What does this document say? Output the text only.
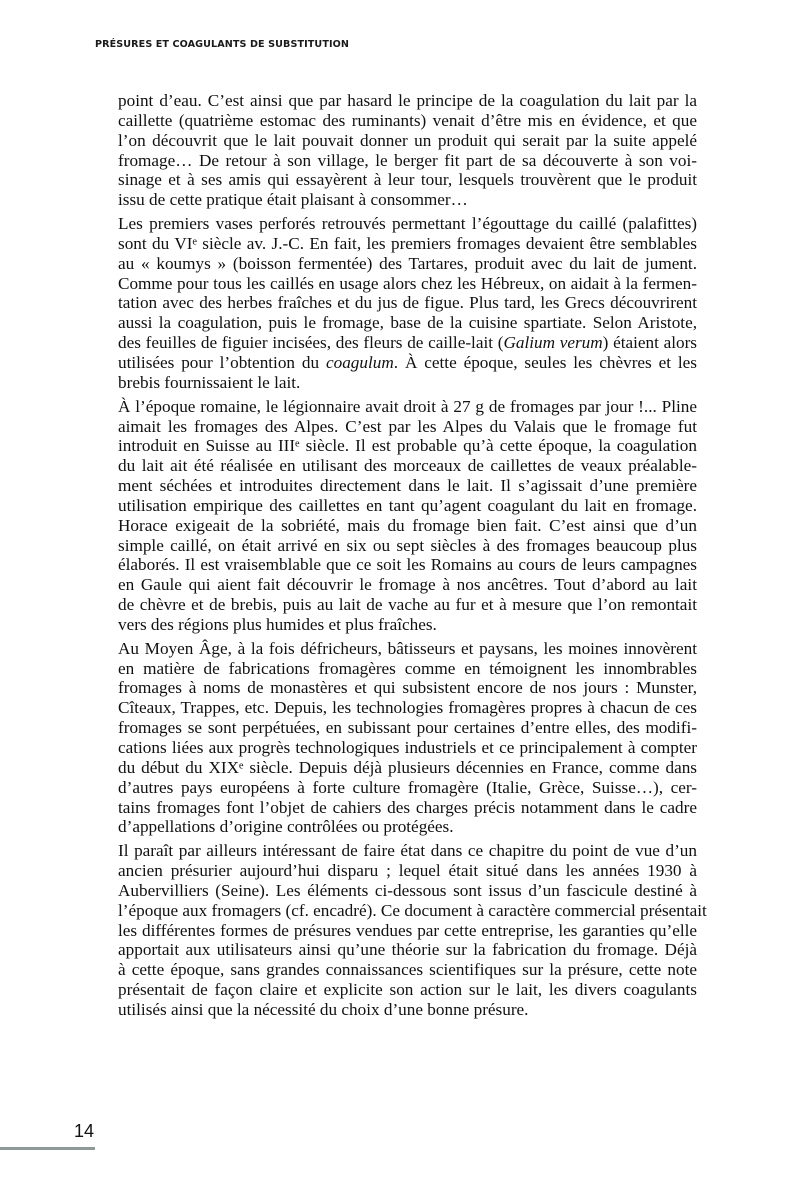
PRÉSURES ET COAGULANTS DE SUBSTITUTION
point d’eau. C’est ainsi que par hasard le principe de la coagulation du lait par la
caillette (quatrième estomac des ruminants) venait d’être mis en évidence, et que
l’on découvrit que le lait pouvait donner un produit qui serait par la suite appelé
fromage… De retour à son village, le berger fit part de sa découverte à son voi-
sinage et à ses amis qui essayèrent à leur tour, lesquels trouvèrent que le produit
issu de cette pratique était plaisant à consommer…
Les premiers vases perforés retrouvés permettant l’égouttage du caillé (palafittes)
sont du VIᵉ siècle av. J.-C. En fait, les premiers fromages devaient être semblables
au « koumys » (boisson fermentée) des Tartares, produit avec du lait de jument.
Comme pour tous les caillés en usage alors chez les Hébreux, on aidait à la fermen-
tation avec des herbes fraîches et du jus de figue. Plus tard, les Grecs découvrirent
aussi la coagulation, puis le fromage, base de la cuisine spartiate. Selon Aristote,
des feuilles de figuier incisées, des fleurs de caille-lait (Galium verum) étaient alors
utilisées pour l’obtention du coagulum. À cette époque, seules les chèvres et les
brebis fournissaient le lait.
À l’époque romaine, le légionnaire avait droit à 27 g de fromages par jour !... Pline
aimait les fromages des Alpes. C’est par les Alpes du Valais que le fromage fut
introduit en Suisse au IIIᵉ siècle. Il est probable qu’à cette époque, la coagulation
du lait ait été réalisée en utilisant des morceaux de caillettes de veaux préalable-
ment séchées et introduites directement dans le lait. Il s’agissait d’une première
utilisation empirique des caillettes en tant qu’agent coagulant du lait en fromage.
Horace exigeait de la sobriété, mais du fromage bien fait. C’est ainsi que d’un
simple caillé, on était arrivé en six ou sept siècles à des fromages beaucoup plus
élaborés. Il est vraisemblable que ce soit les Romains au cours de leurs campagnes
en Gaule qui aient fait découvrir le fromage à nos ancêtres. Tout d’abord au lait
de chèvre et de brebis, puis au lait de vache au fur et à mesure que l’on remontait
vers des régions plus humides et plus fraîches.
Au Moyen Âge, à la fois défricheurs, bâtisseurs et paysans, les moines innovèrent
en matière de fabrications fromagères comme en témoignent les innombrables
fromages à noms de monastères et qui subsistent encore de nos jours : Munster,
Cîteaux, Trappes, etc. Depuis, les technologies fromagères propres à chacun de ces
fromages se sont perpétuées, en subissant pour certaines d’entre elles, des modifi-
cations liées aux progrès technologiques industriels et ce principalement à compter
du début du XIXᵉ siècle. Depuis déjà plusieurs décennies en France, comme dans
d’autres pays européens à forte culture fromagère (Italie, Grèce, Suisse…), cer-
tains fromages font l’objet de cahiers des charges précis notamment dans le cadre
d’appellations d’origine contrôlées ou protégées.
Il paraît par ailleurs intéressant de faire état dans ce chapitre du point de vue d’un
ancien présurier aujourd’hui disparu ; lequel était situé dans les années 1930 à
Aubervilliers (Seine). Les éléments ci-dessous sont issus d’un fascicule destiné à
l’époque aux fromagers (cf. encadré). Ce document à caractère commercial présentait
les différentes formes de présures vendues par cette entreprise, les garanties qu’elle
apportait aux utilisateurs ainsi qu’une théorie sur la fabrication du fromage. Déjà
à cette époque, sans grandes connaissances scientifiques sur la présure, cette note
présentait de façon claire et explicite son action sur le lait, les divers coagulants
utilisés ainsi que la nécessité du choix d’une bonne présure.
14
